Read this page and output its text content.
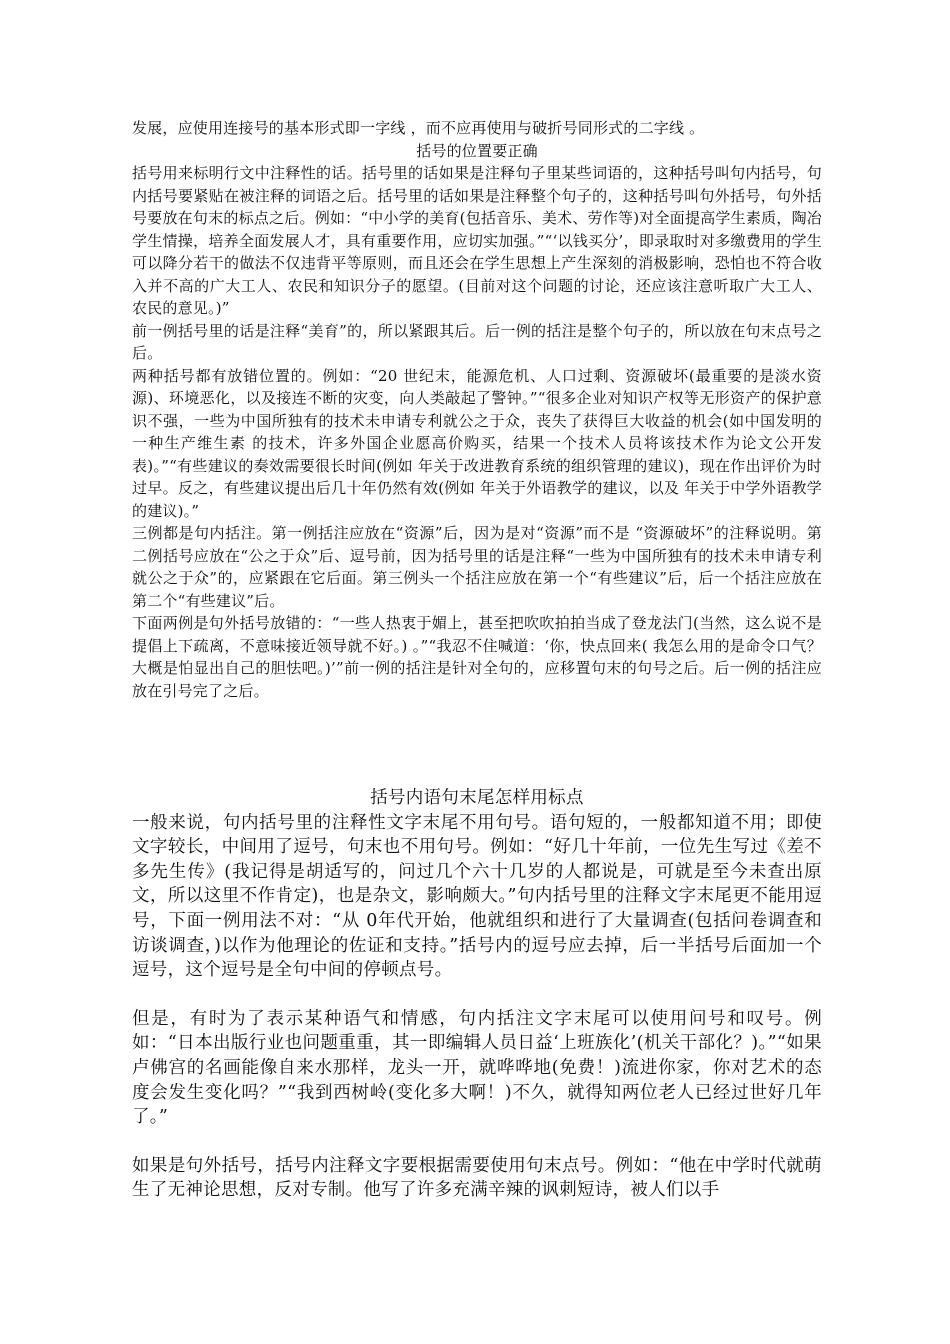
发展，应使用连接号的基本形式即一字线 ，而不应再使用与破折号同形式的二字线 。

括号的位置要正确

括号用来标明行文中注释性的话。括号里的话如果是注释句子里某些词语的，这种括号叫句内括号，句内括号要紧贴在被注释的词语之后。括号里的话如果是注释整个句子的，这种括号叫句外括号，句外括号要放在句末的标点之后。例如：“中小学的美育(包括音乐、美术、劳作等)对全面提高学生素质，陶冶学生情操，培养全面发展人才，具有重要作用，应切实加强。”“‘以钱买分’，即录取时对多缴费用的学生可以降分若干的做法不仅违背平等原则，而且还会在学生思想上产生深刻的消极影响，恐怕也不符合收入并不高的广大工人、农民和知识分子的愿望。(目前对这个问题的讨论，还应该注意听取广大工人、农民的意见。)”

前一例括号里的话是注释“美育”的，所以紧跟其后。后一例的括注是整个句子的，所以放在句末点号之后。

两种括号都有放错位置的。例如：“20 世纪末，能源危机、人口过剩、资源破坏(最重要的是淡水资源)、环境恶化，以及接连不断的灾变，向人类敲起了警钟。”“很多企业对知识产权等无形资产的保护意识不强，一些为中国所独有的技术未申请专利就公之于众，丧失了获得巨大收益的机会(如中国发明的一种生产维生素 的技术，许多外国企业愿高价购买，结果一个技术人员将该技术作为论文公开发表)。”“有些建议的奏效需要很长时间(例如 年关于改进教育系统的组织管理的建议)，现在作出评价为时过早。反之，有些建议提出后几十年仍然有效(例如 年关于外语教学的建议，以及 年关于中学外语教学的建议)。”

三例都是句内括注。第一例括注应放在“资源”后，因为是对“资源”而不是 “资源破坏”的注释说明。第二例括号应放在“公之于众”后、逗号前，因为括号里的话是注释“一些为中国所独有的技术未申请专利就公之于众”的，应紧跟在它后面。第三例头一个括注应放在第一个“有些建议”后，后一个括注应放在第二个“有些建议”后。

下面两例是句外括号放错的：“一些人热衷于媚上，甚至把吹吹拍拍当成了登龙法门(当然，这么说不是提倡上下疏离，不意味接近领导就不好。) 。”“我忍不住喊道：‘你，快点回来( 我怎么用的是命令口气？大概是怕显出自己的胆怯吧。)’”前一例的括注是针对全句的，应移置句末的句号之后。后一例的括注应放在引号完了之后。

括号内语句末尾怎样用标点

一般来说，句内括号里的注释性文字末尾不用句号。语句短的，一般都知道不用；即使文字较长，中间用了逗号，句末也不用句号。例如：“好几十年前，一位先生写过《差不多先生传》(我记得是胡适写的，问过几个六十几岁的人都说是，可就是至今未查出原文，所以这里不作肯定)，也是杂文，影响颇大。”句内括号里的注释文字末尾更不能用逗号，下面一例用法不对：“从 0年代开始，他就组织和进行了大量调查(包括问卷调查和访谈调查，)以作为他理论的佐证和支持。”括号内的逗号应去掉，后一半括号后面加一个逗号，这个逗号是全句中间的停顿点号。

但是，有时为了表示某种语气和情感，句内括注文字末尾可以使用问号和叹号。例如：“日本出版行业也问题重重，其一即编辑人员日益‘上班族化’(机关干部化？)。”“如果卢佛宫的名画能像自来水那样，龙头一开，就哗哗地(免费！)流进你家，你对艺术的态度会发生变化吗？”“我到西树岭(变化多大啊！)不久，就得知两位老人已经过世好几年了。”

如果是句外括号，括号内注释文字要根据需要使用句末点号。例如：“他在中学时代就萌生了无神论思想，反对专制。他写了许多充满辛辣的讽刺短诗，被人们以手
